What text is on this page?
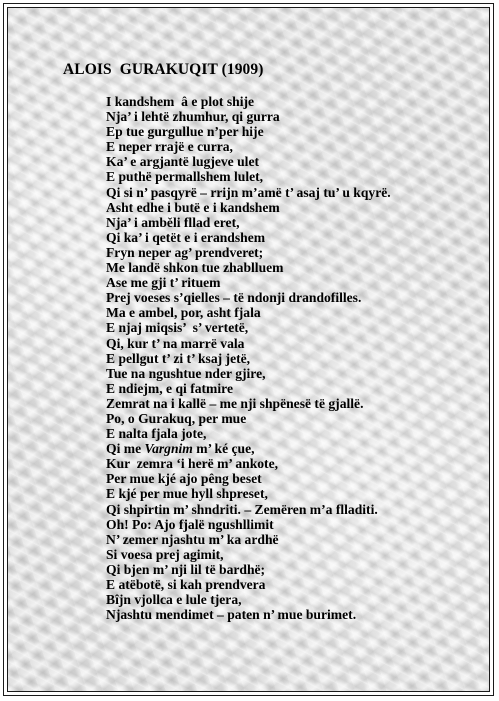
ALOIS  GURAKUQIT (1909)
I kandshem  â e plot shije
Nja’ i lehtë zhumhur, qi gurra
Ep tue gurgullue n’per hije
E neper rrajë e curra,
Ka’ e argjantë lugjeve ulet
E puthë permallshem lulet,
Qi si n’ pasqyrë – rrijn m’amë t’ asaj tu’ u kqyrë.
Asht edhe i butë e i kandshem
Nja’ i amběli fllad eret,
Qi ka’ i qetët e i erandshem
Fryn neper ag’ prendveret;
Me landë shkon tue zhablluem
Ase me gji t’ rituem
Prej voeses s’qielles – të ndonji drandofilles.
Ma e ambel, por, asht fjala
E njaj miqsis’  s’ vertetë,
Qi, kur t’ na marrë vala
E pellgut t’ zi t’ ksaj jetë,
Tue na ngushtue nder gjire,
E ndiejm, e qi fatmire
Zemrat na i kallë – me nji shpënesë të gjallë.
Po, o Gurakuq, per mue
E nalta fjala jote,
Qi me Vargnim m’ ké çue,
Kur  zemra ‘i herë m’ ankote,
Per mue kjé ajo pêng beset
E kjé per mue hyll shpreset,
Qi shpirtin m’ shndriti. – Zemëren m’a flladiti.
Oh! Po: Ajo fjalë ngushllimit
N’ zemer njashtu m’ ka ardhë
Si voesa prej agimit,
Qi bjen m’ nji lil të bardhë;
E atëbotë, si kah prendvera
Bîjn vjollca e lule tjera,
Njashtu mendimet – paten n’ mue burimet.
